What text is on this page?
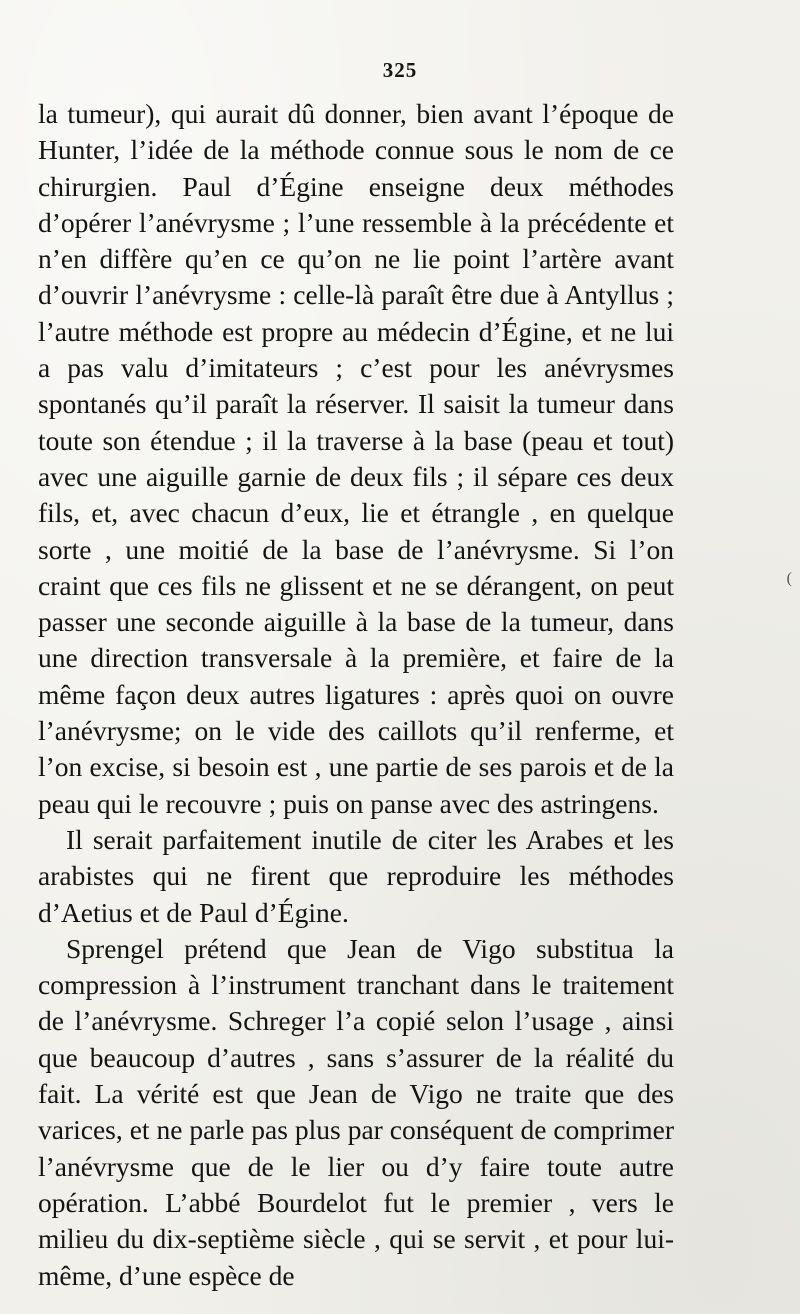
325

la tumeur), qui aurait dû donner, bien avant l’époque de Hunter, l’idée de la méthode connue sous le nom de ce chirurgien. Paul d’Égine enseigne deux méthodes d’opérer l’anévrysme ; l’une ressemble à la précédente et n’en diffère qu’en ce qu’on ne lie point l’artère avant d’ouvrir l’anévrysme : celle-là paraît être due à Antyllus ; l’autre méthode est propre au médecin d’Égine, et ne lui a pas valu d’imitateurs ; c’est pour les anévrysmes spontanés qu’il paraît la réserver. Il saisit la tumeur dans toute son étendue ; il la traverse à la base (peau et tout) avec une aiguille garnie de deux fils ; il sépare ces deux fils, et, avec chacun d’eux, lie et étrangle , en quelque sorte , une moitié de la base de l’anévrysme. Si l’on craint que ces fils ne glissent et ne se dérangent, on peut passer une seconde aiguille à la base de la tumeur, dans une direction transversale à la première, et faire de la même façon deux autres ligatures : après quoi on ouvre l’anévrysme; on le vide des caillots qu’il renferme, et l’on excise, si besoin est , une partie de ses parois et de la peau qui le recouvre ; puis on panse avec des astringens.

Il serait parfaitement inutile de citer les Arabes et les arabistes qui ne firent que reproduire les méthodes d’Aetius et de Paul d’Égine.

Sprengel prétend que Jean de Vigo substitua la compression à l’instrument tranchant dans le traitement de l’anévrysme. Schreger l’a copié selon l’usage , ainsi que beaucoup d’autres , sans s’assurer de la réalité du fait. La vérité est que Jean de Vigo ne traite que des varices, et ne parle pas plus par conséquent de comprimer l’anévrysme que de le lier ou d’y faire toute autre opération. L’abbé Bourdelot fut le premier , vers le milieu du dix-septième siècle , qui se servit , et pour lui-même, d’une espèce de

(
